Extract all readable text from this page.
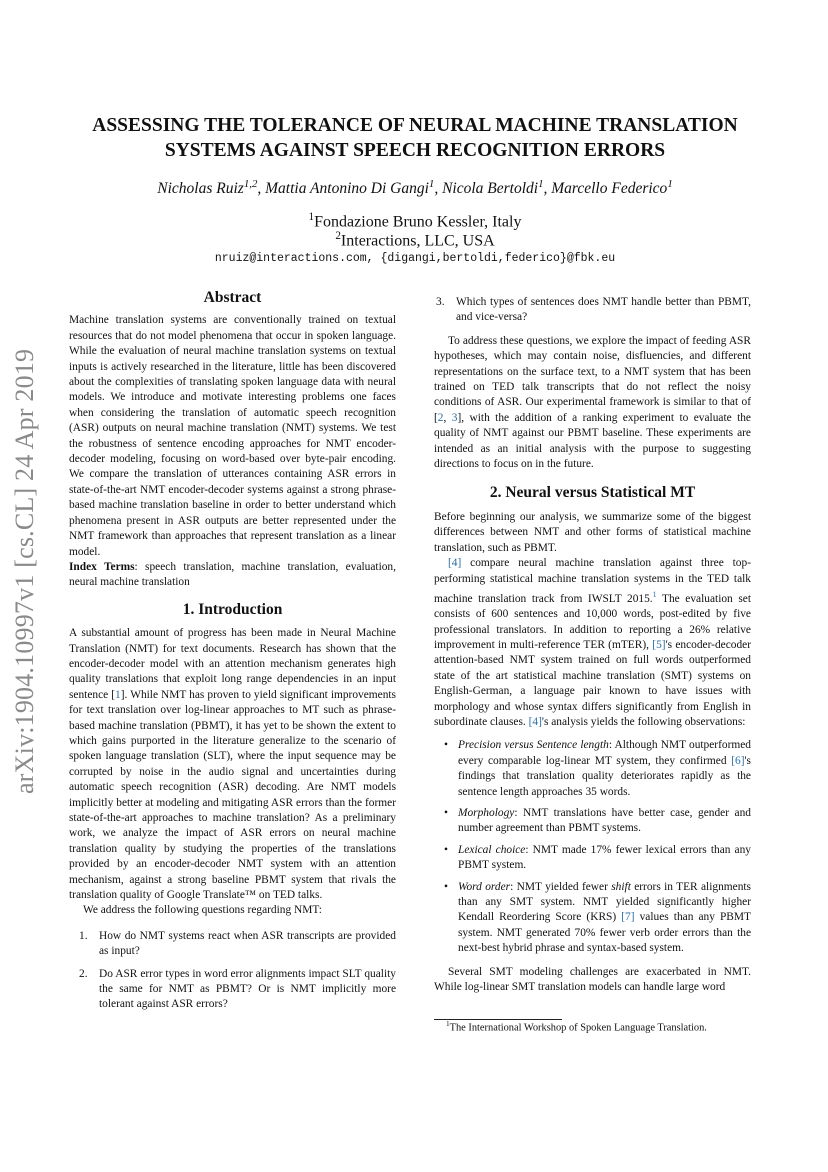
arXiv:1904.10997v1 [cs.CL] 24 Apr 2019
ASSESSING THE TOLERANCE OF NEURAL MACHINE TRANSLATION
SYSTEMS AGAINST SPEECH RECOGNITION ERRORS
Nicholas Ruiz$^{1,2}$, Mattia Antonino Di Gangi$^1$, Nicola Bertoldi$^1$, Marcello Federico$^1$
$^1$Fondazione Bruno Kessler, Italy
$^2$Interactions, LLC, USA
nruiz@interactions.com, {digangi,bertoldi,federico}@fbk.eu
Abstract

Machine translation systems are conventionally trained on textual resources that do not model phenomena that occur in spoken language. While the evaluation of neural machine translation systems on textual inputs is actively researched in the literature, little has been discovered about the complexities of translating spoken language data with neural models. We introduce and motivate interesting problems one faces when considering the translation of automatic speech recognition (ASR) outputs on neural machine translation (NMT) systems. We test the robustness of sentence encoding approaches for NMT encoder-decoder modeling, focusing on word-based over byte-pair encoding. We compare the translation of utterances containing ASR errors in state-of-the-art NMT encoder-decoder systems against a strong phrase-based machine translation baseline in order to better understand which phenomena present in ASR outputs are better represented under the NMT framework than approaches that represent translation as a linear model.

Index Terms: speech translation, machine translation, evaluation, neural machine translation

1. Introduction

A substantial amount of progress has been made in Neural Machine Translation (NMT) for text documents. Research has shown that the encoder-decoder model with an attention mechanism generates high quality translations that exploit long range dependencies in an input sentence [1]. While NMT has proven to yield significant improvements for text translation over log-linear approaches to MT such as phrase-based machine translation (PBMT), it has yet to be shown the extent to which gains purported in the literature generalize to the scenario of spoken language translation (SLT), where the input sequence may be corrupted by noise in the audio signal and uncertainties during automatic speech recognition (ASR) decoding. Are NMT models implicitly better at modeling and mitigating ASR errors than the former state-of-the-art approaches to machine translation? As a preliminary work, we analyze the impact of ASR errors on neural machine translation quality by studying the properties of the translations provided by an encoder-decoder NMT system with an attention mechanism, against a strong baseline PBMT system that rivals the translation quality of Google Translate™ on TED talks.

We address the following questions regarding NMT:

1. How do NMT systems react when ASR transcripts are provided as input?
2. Do ASR error types in word error alignments impact SLT quality the same for NMT as PBMT? Or is NMT implicitly more tolerant against ASR errors?
3. Which types of sentences does NMT handle better than PBMT, and vice-versa?

To address these questions, we explore the impact of feeding ASR hypotheses, which may contain noise, disfluencies, and different representations on the surface text, to a NMT system that has been trained on TED talk transcripts that do not reflect the noisy conditions of ASR. Our experimental framework is similar to that of [2, 3], with the addition of a ranking experiment to evaluate the quality of NMT against our PBMT baseline. These experiments are intended as an initial analysis with the purpose to suggesting directions to focus on in the future.

2. Neural versus Statistical MT

Before beginning our analysis, we summarize some of the biggest differences between NMT and other forms of statistical machine translation, such as PBMT.

[4] compare neural machine translation against three top-performing statistical machine translation systems in the TED talk machine translation track from IWSLT 2015.$^1$ The evaluation set consists of 600 sentences and 10,000 words, post-edited by five professional translators. In addition to reporting a 26% relative improvement in multi-reference TER (mTER), [5]'s encoder-decoder attention-based NMT system trained on full words outperformed state of the art statistical machine translation (SMT) systems on English-German, a language pair known to have issues with morphology and whose syntax differs significantly from English in subordinate clauses. [4]'s analysis yields the following observations:

• Precision versus Sentence length: Although NMT outperformed every comparable log-linear MT system, they confirmed [6]'s findings that translation quality deteriorates rapidly as the sentence length approaches 35 words.
• Morphology: NMT translations have better case, gender and number agreement than PBMT systems.
• Lexical choice: NMT made 17% fewer lexical errors than any PBMT system.
• Word order: NMT yielded fewer shift errors in TER alignments than any SMT system. NMT yielded significantly higher Kendall Reordering Score (KRS) [7] values than any PBMT system. NMT generated 70% fewer verb order errors than the next-best hybrid phrase and syntax-based system.

Several SMT modeling challenges are exacerbated in NMT. While log-linear SMT translation models can handle large word

$^1$The International Workshop of Spoken Language Translation.
